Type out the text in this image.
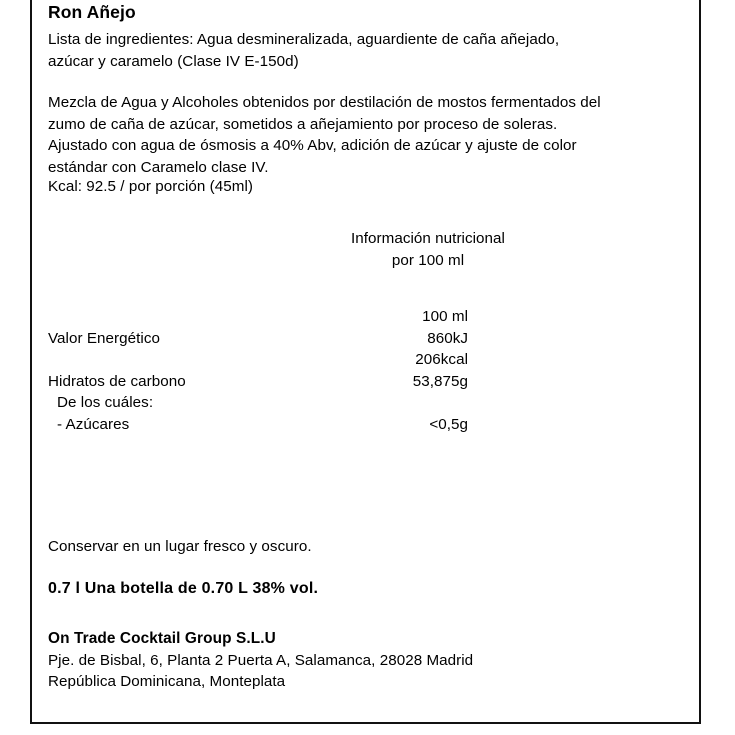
Ron Añejo

Lista de ingredientes: Agua desmineralizada, aguardiente de caña añejado,

azúcar y caramelo (Clase IV E-150d)

Mezcla de Agua y Alcoholes obtenidos por destilación de mostos fermentados del

zumo de caña de azúcar, sometidos a añejamiento por proceso de soleras.

Ajustado con agua de ósmosis a 40% Abv, adición de azúcar y ajuste de color

estándar con Caramelo clase IV.

Kcal: 92.5 / por porción (45ml)
Información nutricional
por 100 ml
100 ml
Valor Energético	860kJ
206kcal
Hidratos de carbono	53,875g
De los cuáles:
- Azúcares	<0,5g
Conservar en un lugar fresco y oscuro.
0.7 l Una botella de 0.70 L 38% vol.

On Trade Cocktail Group S.L.U

Pje. de Bisbal, 6, Planta 2 Puerta A, Salamanca, 28028 Madrid

República Dominicana, Monteplata
